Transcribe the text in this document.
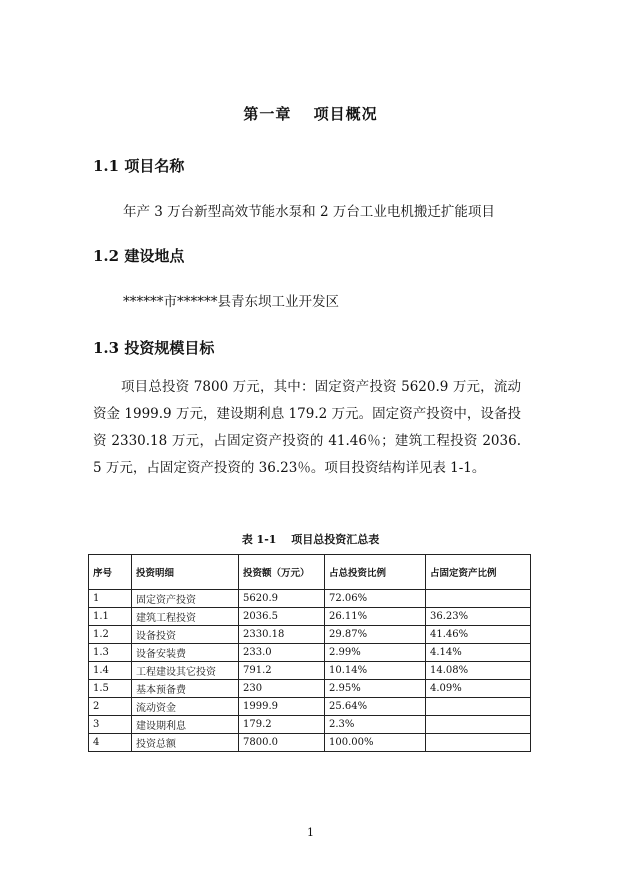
第一章　 项目概况
1.1 项目名称
年产 3 万台新型高效节能水泵和 2 万台工业电机搬迁扩能项目
1.2 建设地点
******市******县青东坝工业开发区
1.3 投资规模目标
项目总投资 7800 万元，其中：固定资产投资 5620.9 万元，流动资金 1999.9 万元，建设期利息 179.2 万元。固定资产投资中，设备投资 2330.18 万元，占固定资产投资的 41.46％；建筑工程投资 2036.5 万元，占固定资产投资的 36.23％。项目投资结构详见表 1-1。
表 1-1　 项目总投资汇总表
序号	投资明细	投资额（万元）	占总投资比例	占固定资产比例
1	固定资产投资	5620.9	72.06%	
1.1	建筑工程投资	2036.5	26.11%	36.23%
1.2	设备投资	2330.18	29.87%	41.46%
1.3	设备安装费	233.0	2.99%	4.14%
1.4	工程建设其它投资	791.2	10.14%	14.08%
1.5	基本预备费	230	2.95%	4.09%
2	流动资金	1999.9	25.64%	
3	建设期利息	179.2	2.3%	
4	投资总额	7800.0	100.00%	
1
